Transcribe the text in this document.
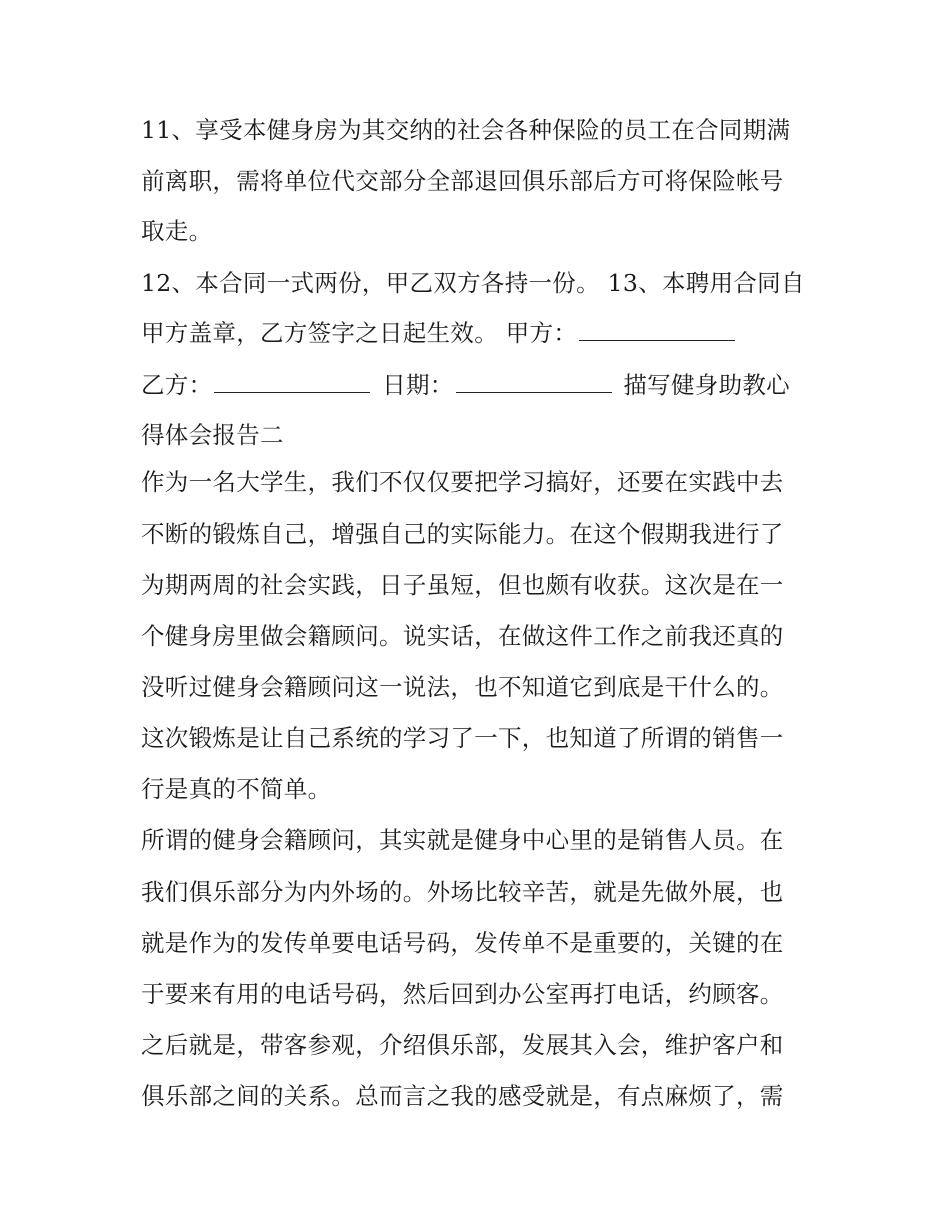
11、享受本健身房为其交纳的社会各种保险的员工在合同期满
前离职，需将单位代交部分全部退回俱乐部后方可将保险帐号
取走。
12、本合同一式两份，甲乙双方各持一份。 13、本聘用合同自
甲方盖章，乙方签字之日起生效。 甲方：
乙方：	日期：	描写健身助教心
得体会报告二
作为一名大学生，我们不仅仅要把学习搞好，还要在实践中去
不断的锻炼自己，增强自己的实际能力。在这个假期我进行了
为期两周的社会实践，日子虽短，但也颇有收获。这次是在一
个健身房里做会籍顾问。说实话，在做这件工作之前我还真的
没听过健身会籍顾问这一说法，也不知道它到底是干什么的。
这次锻炼是让自己系统的学习了一下，也知道了所谓的销售一
行是真的不简单。
所谓的健身会籍顾问，其实就是健身中心里的是销售人员。在
我们俱乐部分为内外场的。外场比较辛苦，就是先做外展，也
就是作为的发传单要电话号码，发传单不是重要的，关键的在
于要来有用的电话号码，然后回到办公室再打电话，约顾客。
之后就是，带客参观，介绍俱乐部，发展其入会，维护客户和
俱乐部之间的关系。总而言之我的感受就是，有点麻烦了，需
